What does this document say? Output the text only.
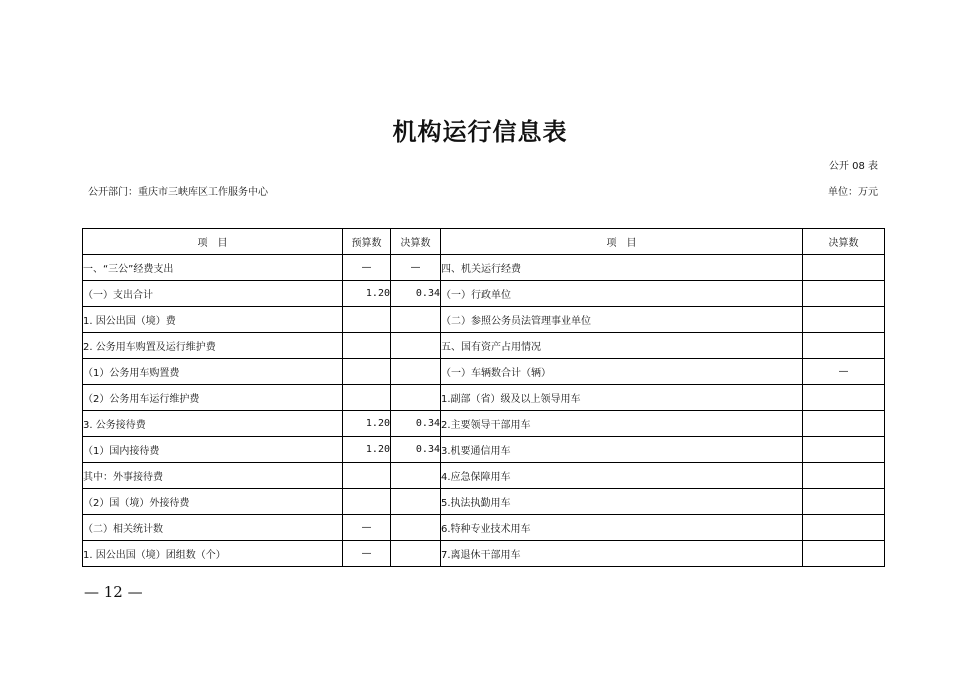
机构运行信息表
公开 08 表
公开部门：重庆市三峡库区工作服务中心	单位：万元
项　目	预算数	决算数	项　目	决算数
一、“三公”经费支出	—	—	四、机关运行经费	
（一）支出合计	1.20	0.34	（一）行政单位	
1. 因公出国（境）费			（二）参照公务员法管理事业单位	
2. 公务用车购置及运行维护费			五、国有资产占用情况	
（1）公务用车购置费			（一）车辆数合计（辆）	—
（2）公务用车运行维护费			1.副部（省）级及以上领导用车	
3. 公务接待费	1.20	0.34	2.主要领导干部用车	
（1）国内接待费	1.20	0.34	3.机要通信用车	
其中：外事接待费			4.应急保障用车	
（2）国（境）外接待费			5.执法执勤用车	
（二）相关统计数	—		6.特种专业技术用车	
1. 因公出国（境）团组数（个）	—		7.离退休干部用车	
— 12 —
